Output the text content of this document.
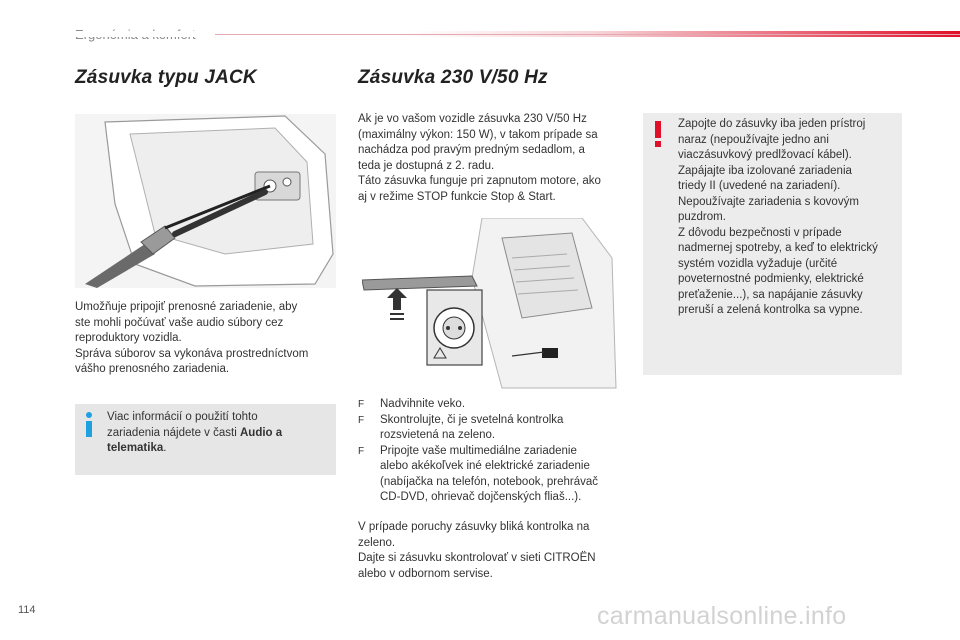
Zásuvka typu JACK
Umožňuje pripojiť prenosné zariadenie, aby
ste mohli počúvať vaše audio súbory cez
reproduktory vozidla.
Správa súborov sa vykonáva prostredníctvom
vášho prenosného zariadenia.
Viac informácií o použití tohto
zariadenia nájdete v časti Audio a
telematika.
Zásuvka 230 V/50 Hz
Ak je vo vašom vozidle zásuvka 230 V/50 Hz
(maximálny výkon: 150 W), v takom prípade sa
nachádza pod pravým predným sedadlom, a
teda je dostupná z 2. radu.
Táto zásuvka funguje pri zapnutom motore, ako
aj v režime STOP funkcie Stop & Start.
F Nadvihnite veko.
F Skontrolujte, či je svetelná kontrolka
rozsvietená na zeleno.
F Pripojte vaše multimediálne zariadenie
alebo akékoľvek iné elektrické zariadenie
(nabíjačka na telefón, notebook, prehrávač
CD-DVD, ohrievač dojčenských fliaš...).
V prípade poruchy zásuvky bliká kontrolka na
zeleno.
Dajte si zásuvku skontrolovať v sieti CITROËN
alebo v odbornom servise.
Zapojte do zásuvky iba jeden prístroj
naraz (nepoužívajte jedno ani
viaczásuvkový predlžovací kábel).
Zapájajte iba izolované zariadenia
triedy II (uvedené na zariadení).
Nepoužívajte zariadenia s kovovým
puzdrom.
Z dôvodu bezpečnosti v prípade
nadmernej spotreby, a keď to elektrický
systém vozidla vyžaduje (určité
poveternostné podmienky, elektrické
preťaženie...), sa napájanie zásuvky
preruší a zelená kontrolka sa vypne.
114	carmanualsonline.info
